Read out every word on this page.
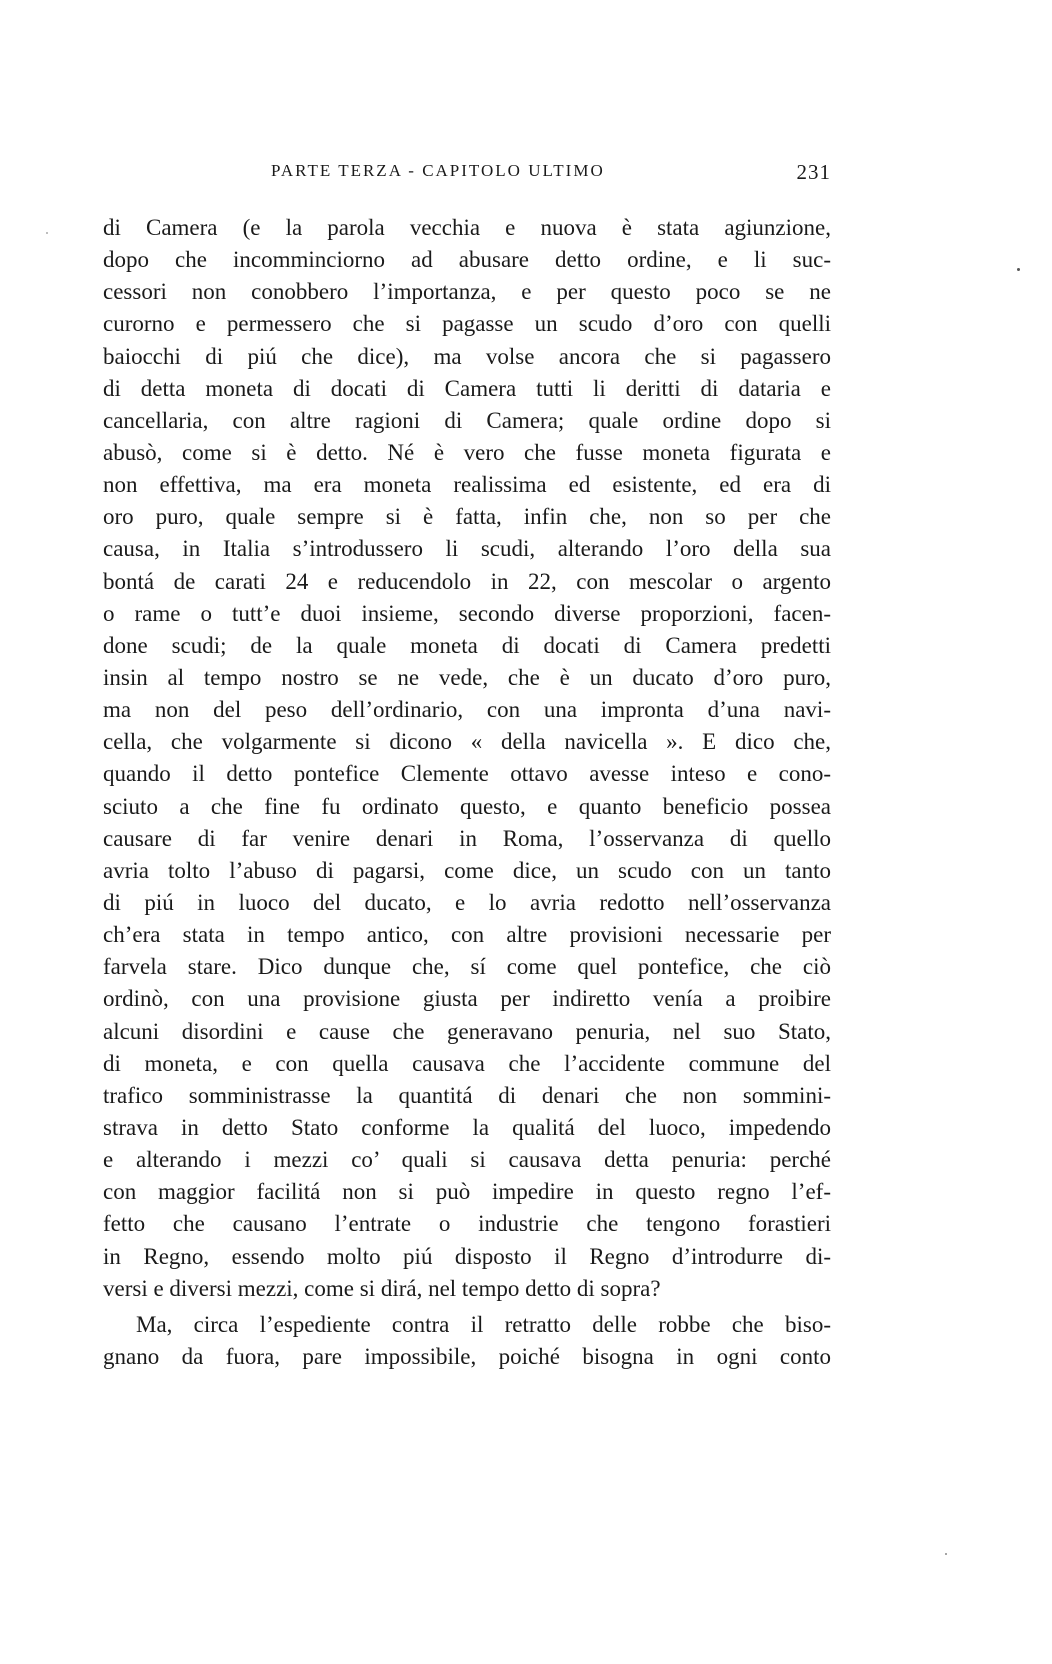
PARTE TERZA - CAPITOLO ULTIMO	231
di Camera (e la parola vecchia e nuova è stata agiunzione,
dopo che incomminciorno ad abusare detto ordine, e li suc-
cessori non conobbero l’importanza, e per questo poco se ne
curorno e permessero che si pagasse un scudo d’oro con quelli
baiocchi di piú che dice), ma volse ancora che si pagassero
di detta moneta di docati di Camera tutti li deritti di dataria e
cancellaria, con altre ragioni di Camera; quale ordine dopo si
abusò, come si è detto. Né è vero che fusse moneta figurata e
non effettiva, ma era moneta realissima ed esistente, ed era di
oro puro, quale sempre si è fatta, infin che, non so per che
causa, in Italia s’introdussero li scudi, alterando l’oro della sua
bontá de carati 24 e reducendolo in 22, con mescolar o argento
o rame o tutt’e duoi insieme, secondo diverse proporzioni, facen-
done scudi; de la quale moneta di docati di Camera predetti
insin al tempo nostro se ne vede, che è un ducato d’oro puro,
ma non del peso dell’ordinario, con una impronta d’una navi-
cella, che volgarmente si dicono « della navicella ». E dico che,
quando il detto pontefice Clemente ottavo avesse inteso e cono-
sciuto a che fine fu ordinato questo, e quanto beneficio possea
causare di far venire denari in Roma, l’osservanza di quello
avria tolto l’abuso di pagarsi, come dice, un scudo con un tanto
di piú in luoco del ducato, e lo avria redotto nell’osservanza
ch’era stata in tempo antico, con altre provisioni necessarie per
farvela stare. Dico dunque che, sí come quel pontefice, che ciò
ordinò, con una provisione giusta per indiretto venía a proibire
alcuni disordini e cause che generavano penuria, nel suo Stato,
di moneta, e con quella causava che l’accidente commune del
trafico somministrasse la quantitá di denari che non sommini-
strava in detto Stato conforme la qualitá del luoco, impedendo
e alterando i mezzi co’ quali si causava detta penuria: perché
con maggior facilitá non si può impedire in questo regno l’ef-
fetto che causano l’entrate o industrie che tengono forastieri
in Regno, essendo molto piú disposto il Regno d’introdurre di-
versi e diversi mezzi, come si dirá, nel tempo detto di sopra?
Ma, circa l’espediente contra il retratto delle robbe che biso-
gnano da fuora, pare impossibile, poiché bisogna in ogni conto
